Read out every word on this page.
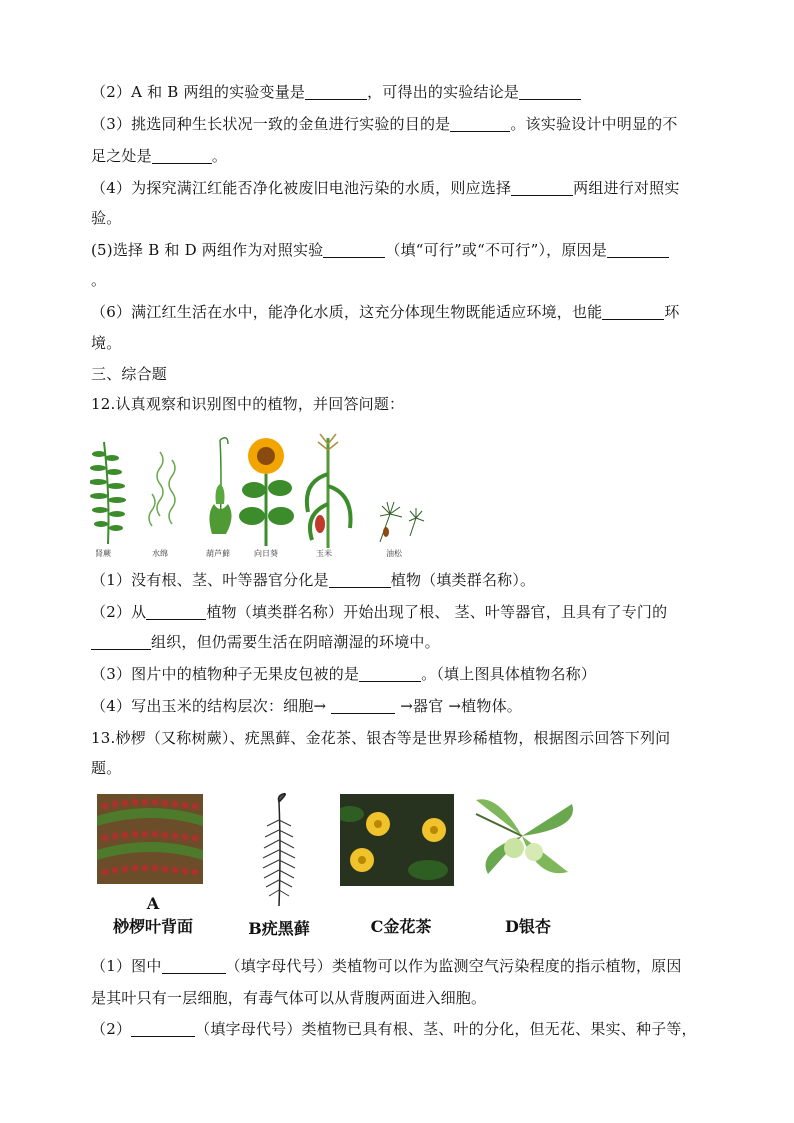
（2）A 和 B 两组的实验变量是	，可得出的实验结论是
（3）挑选同种生长状况一致的金鱼进行实验的目的是	。该实验设计中明显的不
足之处是	。
（4）为探究满江红能否净化被废旧电池污染的水质，则应选择	两组进行对照实
验。
(5)选择 B 和 D 两组作为对照实验	（填“可行”或“不可行”），原因是
。
（6）满江红生活在水中，能净化水质，这充分体现生物既能适应环境，也能	环
境。
三、综合题
12.认真观察和识别图中的植物，并回答问题：
肾蕨	水绵	葫芦藓	向日葵	玉米	油松
（1）没有根、茎、叶等器官分化是	植物（填类群名称）。
（2）从	植物（填类群名称）开始出现了根、 茎、叶等器官，且具有了专门的
组织，但仍需要生活在阴暗潮湿的环境中。
（3）图片中的植物种子无果皮包被的是	。（填上图具体植物名称）
（4）写出玉米的结构层次：细胞→	→器官 →植物体。
13.桫椤（又称树蕨）、疣黑藓、金花茶、银杏等是世界珍稀植物，根据图示回答下列问
题。
A
桫椤叶背面	B疣黑藓	C金花茶	D银杏
（1）图中	（填字母代号）类植物可以作为监测空气污染程度的指示植物，原因
是其叶只有一层细胞，有毒气体可以从背腹两面进入细胞。
（2）	（填字母代号）类植物已具有根、茎、叶的分化，但无花、果实、种子等，
